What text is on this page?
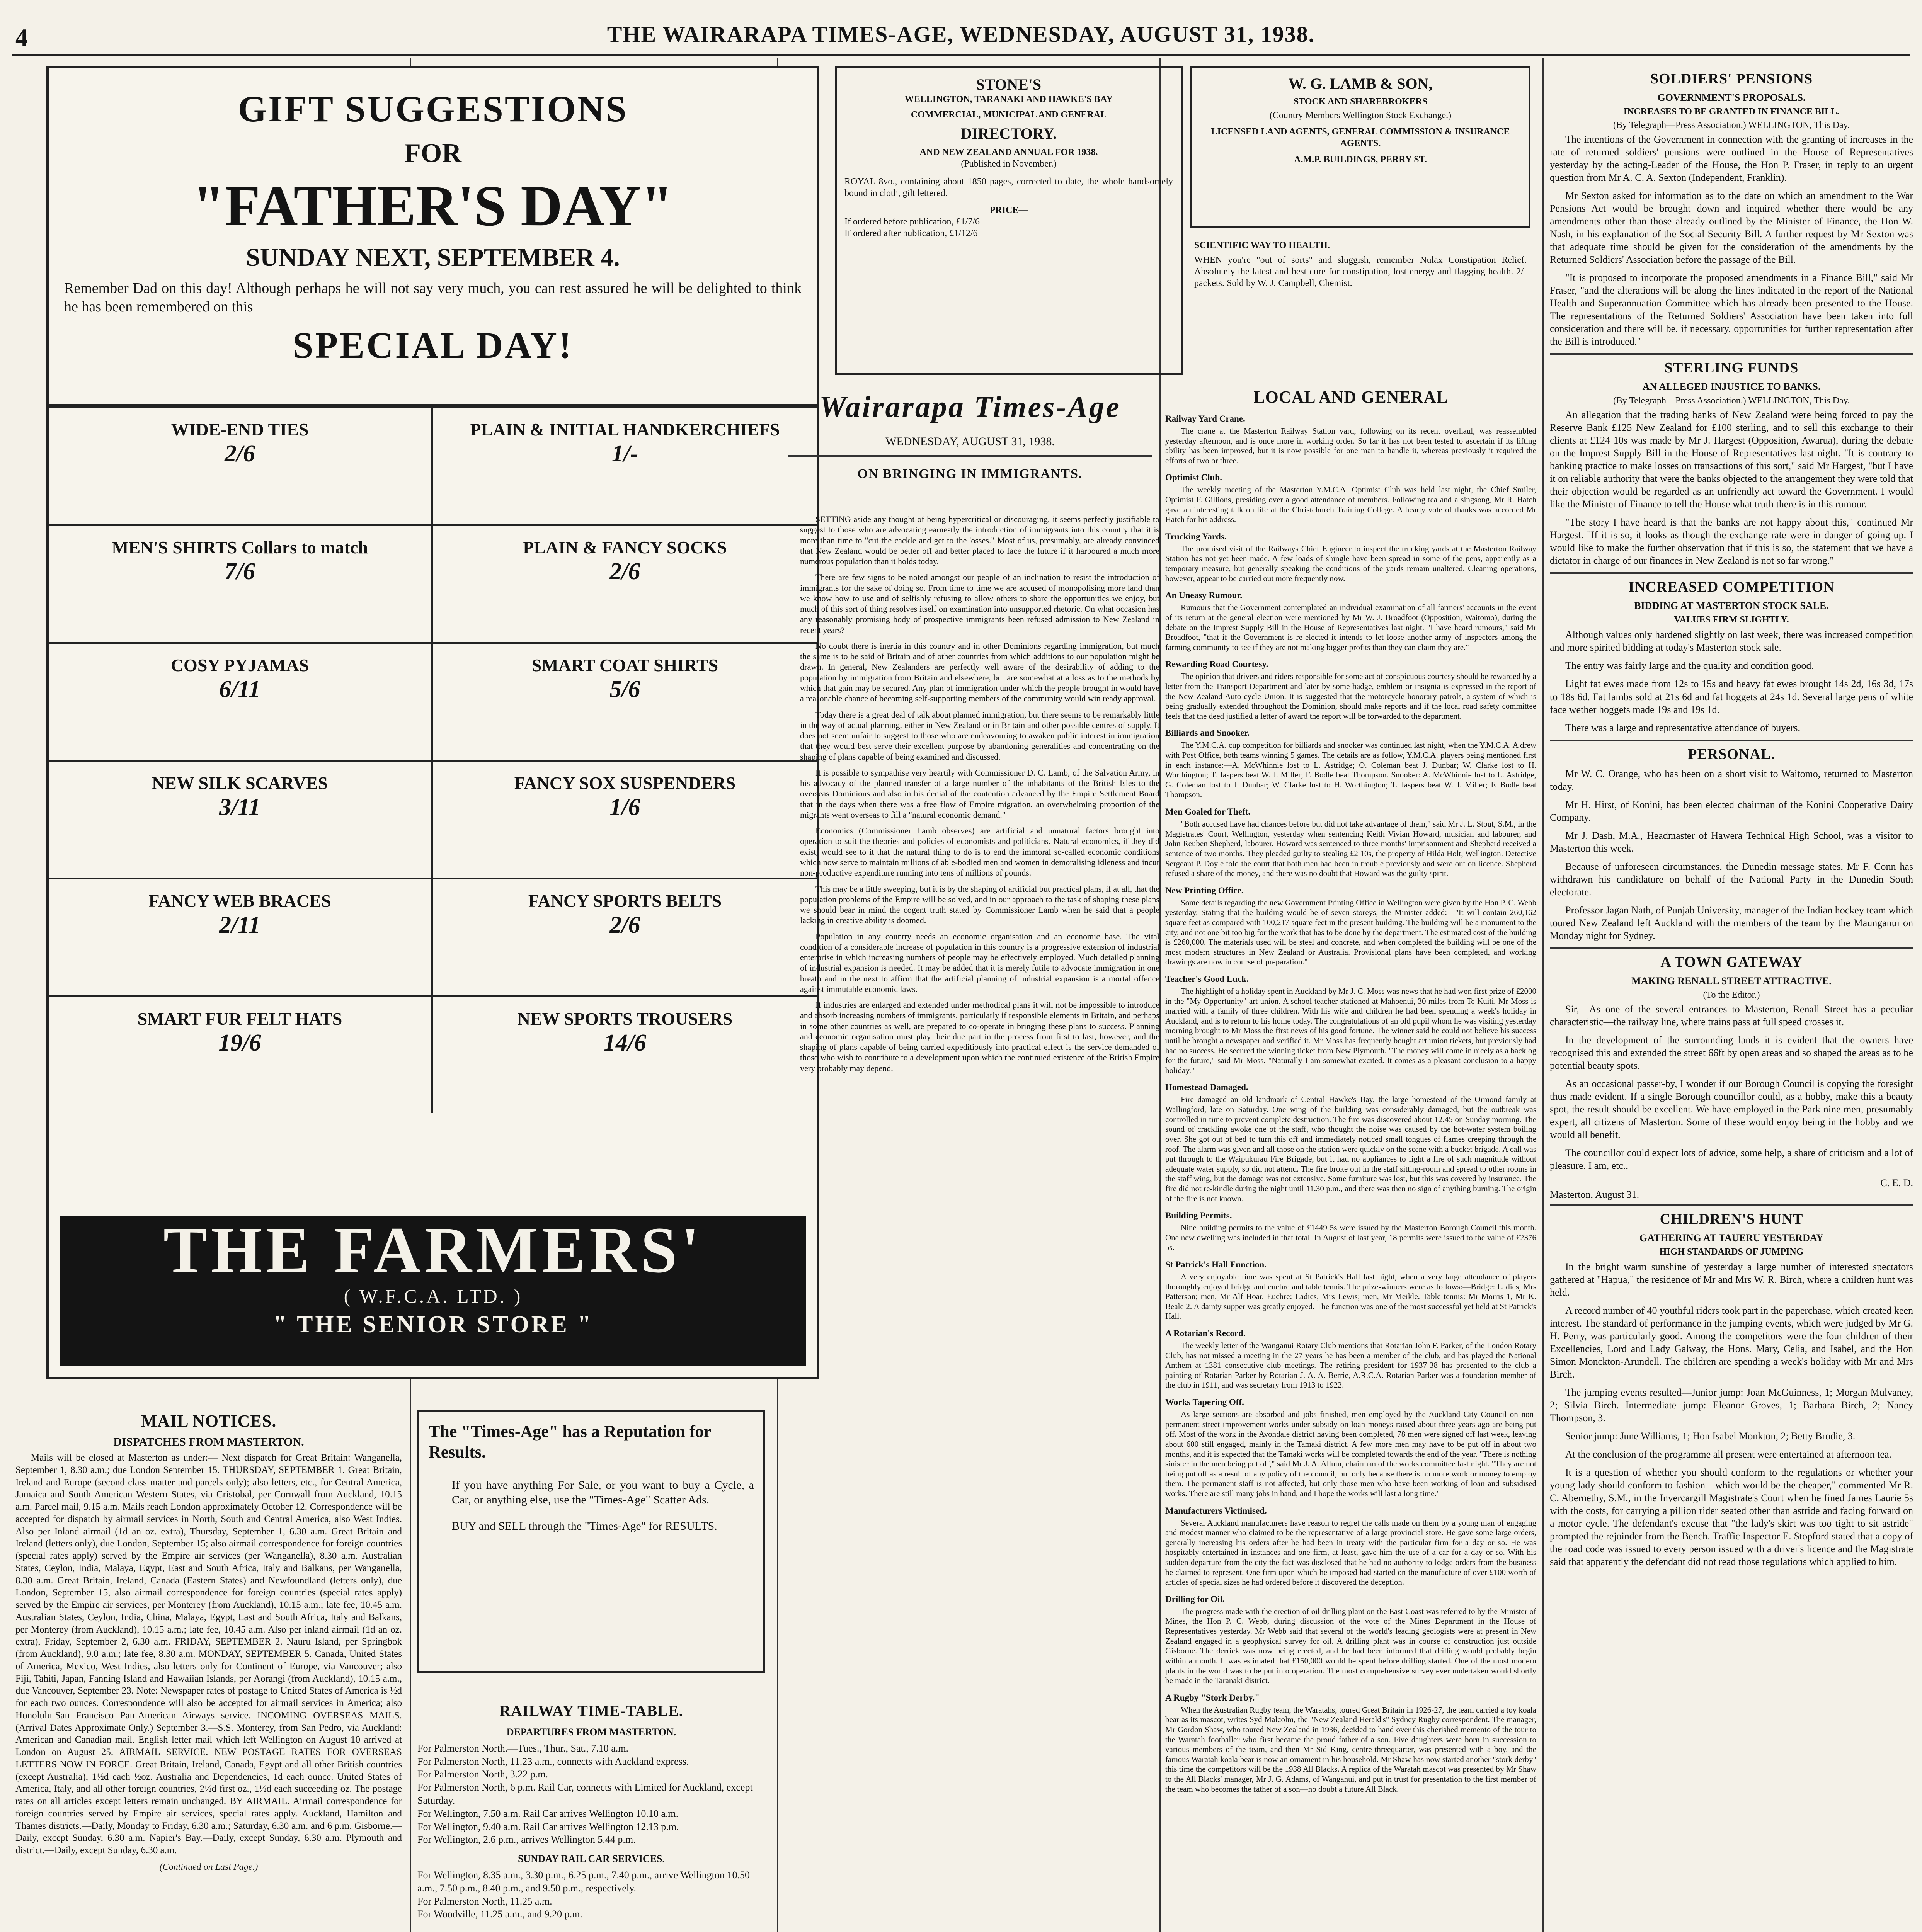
4	THE WAIRARAPA TIMES-AGE, WEDNESDAY, AUGUST 31, 1938.
GIFT SUGGESTIONS
FOR
"FATHER'S DAY"
SUNDAY NEXT, SEPTEMBER 4.
Remember Dad on this day! Although perhaps he will not say very much, you can rest assured he will be delighted to think he has been remembered on this
SPECIAL DAY!
WIDE-END TIES
2/6
PLAIN & INITIAL HANDKERCHIEFS
1/-
MEN'S SHIRTS Collars to match
7/6
PLAIN & FANCY SOCKS
2/6
COSY PYJAMAS
6/11
SMART COAT SHIRTS
5/6
NEW SILK SCARVES
3/11
FANCY SOX SUSPENDERS
1/6
FANCY WEB BRACES
2/11
FANCY SPORTS BELTS
2/6
SMART FUR FELT HATS
19/6
NEW SPORTS TROUSERS
14/6
THE FARMERS'
( W.F.C.A. LTD. )
" THE SENIOR STORE "
MAIL NOTICES.
DISPATCHES FROM MASTERTON.

Mails will be closed at Masterton as under:— Next dispatch for Great Britain: Wanganella, September 1, 8.30 a.m.; due London September 15. THURSDAY, SEPTEMBER 1. Great Britain, Ireland and Europe (second-class matter and parcels only); also letters, etc., for Central America, Jamaica and South American Western States, via Cristobal, per Cornwall from Auckland, 10.15 a.m. Parcel mail, 9.15 a.m. Mails reach London approximately October 12. Correspondence will be accepted for dispatch by airmail services in North, South and Central America, also West Indies. Also per Inland airmail (1d an oz. extra), Thursday, September 1, 6.30 a.m. Great Britain and Ireland (letters only), due London, September 15; also airmail correspondence for foreign countries (special rates apply) served by the Empire air services (per Wanganella), 8.30 a.m. Australian States, Ceylon, India, Malaya, Egypt, East and South Africa, Italy and Balkans, per Wanganella, 8.30 a.m. Great Britain, Ireland, Canada (Eastern States) and Newfoundland (letters only), due London, September 15, also airmail correspondence for foreign countries (special rates apply) served by the Empire air services, per Monterey (from Auckland), 10.15 a.m.; late fee, 10.45 a.m. Australian States, Ceylon, India, China, Malaya, Egypt, East and South Africa, Italy and Balkans, per Monterey (from Auckland), 10.15 a.m.; late fee, 10.45 a.m. Also per inland airmail (1d an oz. extra), Friday, September 2, 6.30 a.m. FRIDAY, SEPTEMBER 2. Nauru Island, per Springbok (from Auckland), 9.0 a.m.; late fee, 8.30 a.m. MONDAY, SEPTEMBER 5. Canada, United States of America, Mexico, West Indies, also letters only for Continent of Europe, via Vancouver; also Fiji, Tahiti, Japan, Fanning Island and Hawaiian Islands, per Aorangi (from Auckland), 10.15 a.m., due Vancouver, September 23. Note: Newspaper rates of postage to United States of America is ½d for each two ounces. Correspondence will also be accepted for airmail services in America; also Honolulu-San Francisco Pan-American Airways service. INCOMING OVERSEAS MAILS. (Arrival Dates Approximate Only.) September 3.—S.S. Monterey, from San Pedro, via Auckland: American and Canadian mail. English letter mail which left Wellington on August 10 arrived at London on August 25. AIRMAIL SERVICE. NEW POSTAGE RATES FOR OVERSEAS LETTERS NOW IN FORCE. Great Britain, Ireland, Canada, Egypt and all other British countries (except Australia), 1½d each ½oz. Australia and Dependencies, 1d each ounce. United States of America, Italy, and all other foreign countries, 2½d first oz., 1½d each succeeding oz. The postage rates on all articles except letters remain unchanged. BY AIRMAIL. Airmail correspondence for foreign countries served by Empire air services, special rates apply. Auckland, Hamilton and Thames districts.—Daily, Monday to Friday, 6.30 a.m.; Saturday, 6.30 a.m. and 6 p.m. Gisborne.—Daily, except Sunday, 6.30 a.m. Napier's Bay.—Daily, except Sunday, 6.30 a.m. Plymouth and district.—Daily, except Sunday, 6.30 a.m.

(Continued on Last Page.)
The "Times-Age" has a Reputation for Results.

If you have anything For Sale, or you want to buy a Cycle, a Car, or anything else, use the "Times-Age" Scatter Ads.

BUY and SELL through the "Times-Age" for RESULTS.

RAILWAY TIME-TABLE.
DEPARTURES FROM MASTERTON.
For Palmerston North.—Tues., Thur., Sat., 7.10 a.m.
For Palmerston North, 11.23 a.m., connects with Auckland express.
For Palmerston North, 3.22 p.m.
For Palmerston North, 6 p.m. Rail Car, connects with Limited for Auckland, except Saturday.
For Wellington, 7.50 a.m. Rail Car arrives Wellington 10.10 a.m.
For Wellington, 9.40 a.m. Rail Car arrives Wellington 12.13 p.m.
For Wellington, 2.6 p.m., arrives Wellington 5.44 p.m.
SUNDAY RAIL CAR SERVICES.
For Wellington, 8.35 a.m., 3.30 p.m., 6.25 p.m., 7.40 p.m., arrive Wellington 10.50 a.m., 7.50 p.m., 8.40 p.m., and 9.50 p.m., respectively.
For Palmerston North, 11.25 a.m.
For Woodville, 11.25 a.m., and 9.20 p.m.

STONE'S
WELLINGTON, TARANAKI AND HAWKE'S BAY
COMMERCIAL, MUNICIPAL AND GENERAL
DIRECTORY.
AND NEW ZEALAND ANNUAL FOR 1938.
(Published in November.)

ROYAL 8vo., containing about 1850 pages, corrected to date, the whole handsomely bound in cloth, gilt lettered.

PRICE—
If ordered before publication, £1/7/6
If ordered after publication, £1/12/6
W. G. LAMB & SON,
STOCK AND SHAREBROKERS
(Country Members Wellington Stock Exchange.)
LICENSED LAND AGENTS, GENERAL COMMISSION & INSURANCE AGENTS.
A.M.P. BUILDINGS, PERRY ST.
SCIENTIFIC WAY TO HEALTH.

WHEN you're "out of sorts" and sluggish, remember Nulax Constipation Relief. Absolutely the latest and best cure for constipation, lost energy and flagging health. 2/- packets. Sold by W. J. Campbell, Chemist.

Wairarapa Times-Age
WEDNESDAY, AUGUST 31, 1938.
ON BRINGING IN IMMIGRANTS.

SETTING aside any thought of being hypercritical or discouraging, it seems perfectly justifiable to suggest to those who are advocating earnestly the introduction of immigrants into this country that it is more than time to "cut the cackle and get to the 'osses." Most of us, presumably, are already convinced that New Zealand would be better off and better placed to face the future if it harboured a much more numerous population than it holds today.

There are few signs to be noted amongst our people of an inclination to resist the introduction of immigrants for the sake of doing so. From time to time we are accused of monopolising more land than we know how to use and of selfishly refusing to allow others to share the opportunities we enjoy, but much of this sort of thing resolves itself on examination into unsupported rhetoric. On what occasion has any reasonably promising body of prospective immigrants been refused admission to New Zealand in recent years?

No doubt there is inertia in this country and in other Dominions regarding immigration, but much the same is to be said of Britain and of other countries from which additions to our population might be drawn. In general, New Zealanders are perfectly well aware of the desirability of adding to the population by immigration from Britain and elsewhere, but are somewhat at a loss as to the methods by which that gain may be secured. Any plan of immigration under which the people brought in would have a reasonable chance of becoming self-supporting members of the community would win ready approval.

Today there is a great deal of talk about planned immigration, but there seems to be remarkably little in the way of actual planning, either in New Zealand or in Britain and other possible centres of supply. It does not seem unfair to suggest to those who are endeavouring to awaken public interest in immigration that they would best serve their excellent purpose by abandoning generalities and concentrating on the shaping of plans capable of being examined and discussed.

It is possible to sympathise very heartily with Commissioner D. C. Lamb, of the Salvation Army, in his advocacy of the planned transfer of a large number of the inhabitants of the British Isles to the overseas Dominions and also in his denial of the contention advanced by the Empire Settlement Board that in the days when there was a free flow of Empire migration, an overwhelming proportion of the migrants went overseas to fill a "natural economic demand."

Economics (Commissioner Lamb observes) are artificial and unnatural factors brought into operation to suit the theories and policies of economists and politicians. Natural economics, if they did exist, would see to it that the natural thing to do is to end the immoral so-called economic conditions which now serve to maintain millions of able-bodied men and women in demoralising idleness and incur non-productive expenditure running into tens of millions of pounds.

This may be a little sweeping, but it is by the shaping of artificial but practical plans, if at all, that the population problems of the Empire will be solved, and in our approach to the task of shaping these plans we should bear in mind the cogent truth stated by Commissioner Lamb when he said that a people lacking in creative ability is doomed.

Population in any country needs an economic organisation and an economic base. The vital condition of a considerable increase of population in this country is a progressive extension of industrial enterprise in which increasing numbers of people may be effectively employed. Much detailed planning of industrial expansion is needed. It may be added that it is merely futile to advocate immigration in one breath and in the next to affirm that the artificial planning of industrial expansion is a mortal offence against immutable economic laws.

If industries are enlarged and extended under methodical plans it will not be impossible to introduce and absorb increasing numbers of immigrants, particularly if responsible elements in Britain, and perhaps in some other countries as well, are prepared to co-operate in bringing these plans to success. Planning and economic organisation must play their due part in the process from first to last, however, and the shaping of plans capable of being carried expeditiously into practical effect is the service demanded of those who wish to contribute to a development upon which the continued existence of the British Empire very probably may depend.

SOLDIERS' PENSIONS
GOVERNMENT'S PROPOSALS.
INCREASES TO BE GRANTED IN FINANCE BILL.
(By Telegraph—Press Association.) WELLINGTON, This Day.

The intentions of the Government in connection with the granting of increases in the rate of returned soldiers' pensions were outlined in the House of Representatives yesterday by the acting-Leader of the House, the Hon P. Fraser, in reply to an urgent question from Mr A. C. A. Sexton (Independent, Franklin).

Mr Sexton asked for information as to the date on which an amendment to the War Pensions Act would be brought down and inquired whether there would be any amendments other than those already outlined by the Minister of Finance, the Hon W. Nash, in his explanation of the Social Security Bill. A further request by Mr Sexton was that adequate time should be given for the consideration of the amendments by the Returned Soldiers' Association before the passage of the Bill.

"It is proposed to incorporate the proposed amendments in a Finance Bill," said Mr Fraser, "and the alterations will be along the lines indicated in the report of the National Health and Superannuation Committee which has already been presented to the House. The representations of the Returned Soldiers' Association have been taken into full consideration and there will be, if necessary, opportunities for further representation after the Bill is introduced."

STERLING FUNDS
AN ALLEGED INJUSTICE TO BANKS.
(By Telegraph—Press Association.) WELLINGTON, This Day.

An allegation that the trading banks of New Zealand were being forced to pay the Reserve Bank £125 New Zealand for £100 sterling, and to sell this exchange to their clients at £124 10s was made by Mr J. Hargest (Opposition, Awarua), during the debate on the Imprest Supply Bill in the House of Representatives last night. "It is contrary to banking practice to make losses on transactions of this sort," said Mr Hargest, "but I have it on reliable authority that were the banks objected to the arrangement they were told that their objection would be regarded as an unfriendly act toward the Government. I would like the Minister of Finance to tell the House what truth there is in this rumour.

"The story I have heard is that the banks are not happy about this," continued Mr Hargest. "If it is so, it looks as though the exchange rate were in danger of going up. I would like to make the further observation that if this is so, the statement that we have a dictator in charge of our finances in New Zealand is not so far wrong."

INCREASED COMPETITION
BIDDING AT MASTERTON STOCK SALE.
VALUES FIRM SLIGHTLY.

Although values only hardened slightly on last week, there was increased competition and more spirited bidding at today's Masterton stock sale.

The entry was fairly large and the quality and condition good.

Light fat ewes made from 12s to 15s and heavy fat ewes brought 14s 2d, 16s 3d, 17s to 18s 6d. Fat lambs sold at 21s 6d and fat hoggets at 24s 1d. Several large pens of white face wether hoggets made 19s and 19s 1d.

There was a large and representative attendance of buyers.

PERSONAL.

Mr W. C. Orange, who has been on a short visit to Waitomo, returned to Masterton today.

Mr H. Hirst, of Konini, has been elected chairman of the Konini Cooperative Dairy Company.

Mr J. Dash, M.A., Headmaster of Hawera Technical High School, was a visitor to Masterton this week.

Because of unforeseen circumstances, the Dunedin message states, Mr F. Conn has withdrawn his candidature on behalf of the National Party in the Dunedin South electorate.

Professor Jagan Nath, of Punjab University, manager of the Indian hockey team which toured New Zealand left Auckland with the members of the team by the Maunganui on Monday night for Sydney.

A TOWN GATEWAY
MAKING RENALL STREET ATTRACTIVE.
(To the Editor.)

Sir,—As one of the several entrances to Masterton, Renall Street has a peculiar characteristic—the railway line, where trains pass at full speed crosses it.

In the development of the surrounding lands it is evident that the owners have recognised this and extended the street 66ft by open areas and so shaped the areas as to be potential beauty spots.

As an occasional passer-by, I wonder if our Borough Council is copying the foresight thus made evident. If a single Borough councillor could, as a hobby, make this a beauty spot, the result should be excellent. We have employed in the Park nine men, presumably expert, all citizens of Masterton. Some of these would enjoy being in the hobby and we would all benefit.

The councillor could expect lots of advice, some help, a share of criticism and a lot of pleasure. I am, etc.,

C. E. D.
Masterton, August 31.
CHILDREN'S HUNT
GATHERING AT TAUERU YESTERDAY
HIGH STANDARDS OF JUMPING

In the bright warm sunshine of yesterday a large number of interested spectators gathered at "Hapua," the residence of Mr and Mrs W. R. Birch, where a children hunt was held.

A record number of 40 youthful riders took part in the paperchase, which created keen interest. The standard of performance in the jumping events, which were judged by Mr G. H. Perry, was particularly good. Among the competitors were the four children of their Excellencies, Lord and Lady Galway, the Hons. Mary, Celia, and Isabel, and the Hon Simon Monckton-Arundell. The children are spending a week's holiday with Mr and Mrs Birch.

The jumping events resulted—Junior jump: Joan McGuinness, 1; Morgan Mulvaney, 2; Silvia Birch. Intermediate jump: Eleanor Groves, 1; Barbara Birch, 2; Nancy Thompson, 3.

Senior jump: June Williams, 1; Hon Isabel Monkton, 2; Betty Brodie, 3.

At the conclusion of the programme all present were entertained at afternoon tea.

It is a question of whether you should conform to the regulations or whether your young lady should conform to fashion—which would be the cheaper," commented Mr R. C. Abernethy, S.M., in the Invercargill Magistrate's Court when he fined James Laurie 5s with the costs, for carrying a pillion rider seated other than astride and facing forward on a motor cycle. The defendant's excuse that "the lady's skirt was too tight to sit astride" prompted the rejoinder from the Bench. Traffic Inspector E. Stopford stated that a copy of the road code was issued to every person issued with a driver's licence and the Magistrate said that apparently the defendant did not read those regulations which applied to him.

LOCAL AND GENERAL
Railway Yard Crane.

The crane at the Masterton Railway Station yard, following on its recent overhaul, was reassembled yesterday afternoon, and is once more in working order. So far it has not been tested to ascertain if its lifting ability has been improved, but it is now possible for one man to handle it, whereas previously it required the efforts of two or three.

Optimist Club.

The weekly meeting of the Masterton Y.M.C.A. Optimist Club was held last night, the Chief Smiler, Optimist F. Gillions, presiding over a good attendance of members. Following tea and a singsong, Mr R. Hatch gave an interesting talk on life at the Christchurch Training College. A hearty vote of thanks was accorded Mr Hatch for his address.

Trucking Yards.

The promised visit of the Railways Chief Engineer to inspect the trucking yards at the Masterton Railway Station has not yet been made. A few loads of shingle have been spread in some of the pens, apparently as a temporary measure, but generally speaking the conditions of the yards remain unaltered. Cleaning operations, however, appear to be carried out more frequently now.

An Uneasy Rumour.

Rumours that the Government contemplated an individual examination of all farmers' accounts in the event of its return at the general election were mentioned by Mr W. J. Broadfoot (Opposition, Waitomo), during the debate on the Imprest Supply Bill in the House of Representatives last night. "I have heard rumours," said Mr Broadfoot, "that if the Government is re-elected it intends to let loose another army of inspectors among the farming community to see if they are not making bigger profits than they can claim they are."

Rewarding Road Courtesy.

The opinion that drivers and riders responsible for some act of conspicuous courtesy should be rewarded by a letter from the Transport Department and later by some badge, emblem or insignia is expressed in the report of the New Zealand Auto-cycle Union. It is suggested that the motorcycle honorary patrols, a system of which is being gradually extended throughout the Dominion, should make reports and if the local road safety committee feels that the deed justified a letter of award the report will be forwarded to the department.

Billiards and Snooker.

The Y.M.C.A. cup competition for billiards and snooker was continued last night, when the Y.M.C.A. A drew with Post Office, both teams winning 5 games. The details are as follow, Y.M.C.A. players being mentioned first in each instance:—A. McWhinnie lost to L. Astridge; O. Coleman beat J. Dunbar; W. Clarke lost to H. Worthington; T. Jaspers beat W. J. Miller; F. Bodle beat Thompson. Snooker: A. McWhinnie lost to L. Astridge, G. Coleman lost to J. Dunbar; W. Clarke lost to H. Worthington; T. Jaspers beat W. J. Miller; F. Bodle beat Thompson.

Men Goaled for Theft.

"Both accused have had chances before but did not take advantage of them," said Mr J. L. Stout, S.M., in the Magistrates' Court, Wellington, yesterday when sentencing Keith Vivian Howard, musician and labourer, and John Reuben Shepherd, labourer. Howard was sentenced to three months' imprisonment and Shepherd received a sentence of two months. They pleaded guilty to stealing £2 10s, the property of Hilda Holt, Wellington. Detective Sergeant P. Doyle told the court that both men had been in trouble previously and were out on licence. Shepherd refused a share of the money, and there was no doubt that Howard was the guilty spirit.

New Printing Office.

Some details regarding the new Government Printing Office in Wellington were given by the Hon P. C. Webb yesterday. Stating that the building would be of seven storeys, the Minister added:—"It will contain 260,162 square feet as compared with 100,217 square feet in the present building. The building will be a monument to the city, and not one bit too big for the work that has to be done by the department. The estimated cost of the building is £260,000. The materials used will be steel and concrete, and when completed the building will be one of the most modern structures in New Zealand or Australia. Provisional plans have been completed, and working drawings are now in course of preparation."

Teacher's Good Luck.

The highlight of a holiday spent in Auckland by Mr J. C. Moss was news that he had won first prize of £2000 in the "My Opportunity" art union. A school teacher stationed at Mahoenui, 30 miles from Te Kuiti, Mr Moss is married with a family of three children. With his wife and children he had been spending a week's holiday in Auckland, and is to return to his home today. The congratulations of an old pupil whom he was visiting yesterday morning brought to Mr Moss the first news of his good fortune. The winner said he could not believe his success until he brought a newspaper and verified it. Mr Moss has frequently bought art union tickets, but previously had had no success. He secured the winning ticket from New Plymouth. "The money will come in nicely as a backlog for the future," said Mr Moss. "Naturally I am somewhat excited. It comes as a pleasant conclusion to a happy holiday."

Homestead Damaged.

Fire damaged an old landmark of Central Hawke's Bay, the large homestead of the Ormond family at Wallingford, late on Saturday. One wing of the building was considerably damaged, but the outbreak was controlled in time to prevent complete destruction. The fire was discovered about 12.45 on Sunday morning. The sound of crackling awoke one of the staff, who thought the noise was caused by the hot-water system boiling over. She got out of bed to turn this off and immediately noticed small tongues of flames creeping through the roof. The alarm was given and all those on the station were quickly on the scene with a bucket brigade. A call was put through to the Waipukurau Fire Brigade, but it had no appliances to fight a fire of such magnitude without adequate water supply, so did not attend. The fire broke out in the staff sitting-room and spread to other rooms in the staff wing, but the damage was not extensive. Some furniture was lost, but this was covered by insurance. The fire did not re-kindle during the night until 11.30 p.m., and there was then no sign of anything burning. The origin of the fire is not known.

Building Permits.

Nine building permits to the value of £1449 5s were issued by the Masterton Borough Council this month. One new dwelling was included in that total. In August of last year, 18 permits were issued to the value of £2376 5s.

St Patrick's Hall Function.

A very enjoyable time was spent at St Patrick's Hall last night, when a very large attendance of players thoroughly enjoyed bridge and euchre and table tennis. The prize-winners were as follows:—Bridge: Ladies, Mrs Patterson; men, Mr Alf Hoar. Euchre: Ladies, Mrs Lewis; men, Mr Meikle. Table tennis: Mr Morris 1, Mr K. Beale 2. A dainty supper was greatly enjoyed. The function was one of the most successful yet held at St Patrick's Hall.

A Rotarian's Record.

The weekly letter of the Wanganui Rotary Club mentions that Rotarian John F. Parker, of the London Rotary Club, has not missed a meeting in the 27 years he has been a member of the club, and has played the National Anthem at 1381 consecutive club meetings. The retiring president for 1937-38 has presented to the club a painting of Rotarian Parker by Rotarian J. A. A. Berrie, A.R.C.A. Rotarian Parker was a foundation member of the club in 1911, and was secretary from 1913 to 1922.

Works Tapering Off.

As large sections are absorbed and jobs finished, men employed by the Auckland City Council on non-permanent street improvement works under subsidy on loan moneys raised about three years ago are being put off. Most of the work in the Avondale district having been completed, 78 men were signed off last week, leaving about 600 still engaged, mainly in the Tamaki district. A few more men may have to be put off in about two months, and it is expected that the Tamaki works will be completed towards the end of the year. "There is nothing sinister in the men being put off," said Mr J. A. Allum, chairman of the works committee last night. "They are not being put off as a result of any policy of the council, but only because there is no more work or money to employ them. The permanent staff is not affected, but only those men who have been working of loan and subsidised works. There are still many jobs in hand, and I hope the works will last a long time."

Manufacturers Victimised.

Several Auckland manufacturers have reason to regret the calls made on them by a young man of engaging and modest manner who claimed to be the representative of a large provincial store. He gave some large orders, generally increasing his orders after he had been in treaty with the particular firm for a day or so. He was hospitably entertained in instances and one firm, at least, gave him the use of a car for a day or so. With his sudden departure from the city the fact was disclosed that he had no authority to lodge orders from the business he claimed to represent. One firm upon which he imposed had started on the manufacture of over £100 worth of articles of special sizes he had ordered before it discovered the deception.

Drilling for Oil.

The progress made with the erection of oil drilling plant on the East Coast was referred to by the Minister of Mines, the Hon P. C. Webb, during discussion of the vote of the Mines Department in the House of Representatives yesterday. Mr Webb said that several of the world's leading geologists were at present in New Zealand engaged in a geophysical survey for oil. A drilling plant was in course of construction just outside Gisborne. The derrick was now being erected, and he had been informed that drilling would probably begin within a month. It was estimated that £150,000 would be spent before drilling started. One of the most modern plants in the world was to be put into operation. The most comprehensive survey ever undertaken would shortly be made in the Taranaki district.

A Rugby "Stork Derby."

When the Australian Rugby team, the Waratahs, toured Great Britain in 1926-27, the team carried a toy koala bear as its mascot, writes Syd Malcolm, the "New Zealand Herald's" Sydney Rugby correspondent. The manager, Mr Gordon Shaw, who toured New Zealand in 1936, decided to hand over this cherished memento of the tour to the Waratah footballer who first became the proud father of a son. Five daughters were born in succession to various members of the team, and then Mr Sid King, centre-threequarter, was presented with a boy, and the famous Waratah koala bear is now an ornament in his household. Mr Shaw has now started another "stork derby" this time the competitors will be the 1938 All Blacks. A replica of the Waratah mascot was presented by Mr Shaw to the All Blacks' manager, Mr J. G. Adams, of Wanganui, and put in trust for presentation to the first member of the team who becomes the father of a son—no doubt a future All Black.
